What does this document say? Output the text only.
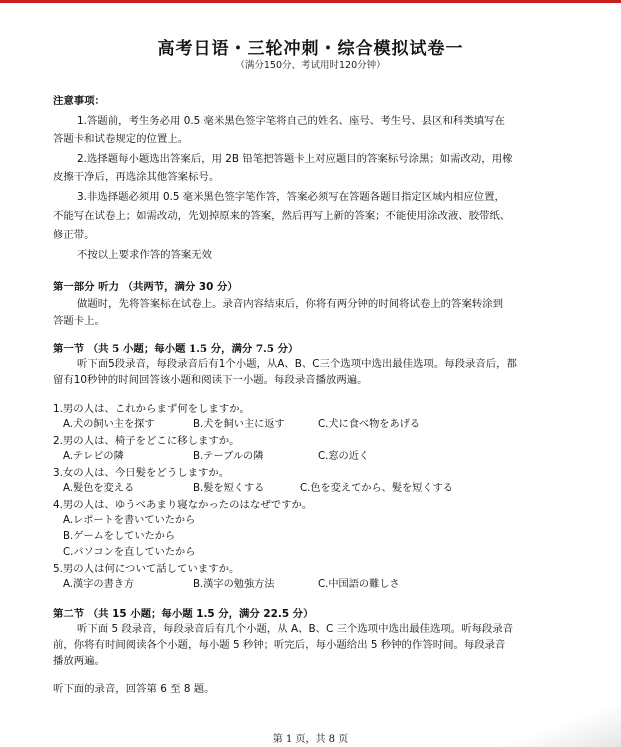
高考日语・三轮冲刺・综合模拟试卷一
（满分150分、考试用时120分钟）
注意事项：
1.答题前，考生务必用 0.5 毫米黑色签字笔将自己的姓名、座号、考生号、县区和科类填写在
答题卡和试卷规定的位置上。
2.选择题每小题选出答案后，用 2B 铅笔把答题卡上对应题目的答案标号涂黑；如需改动，用橡
皮擦干净后，再选涂其他答案标号。
3.非选择题必须用 0.5 毫米黑色签字笔作答，答案必须写在答题各题目指定区域内相应位置，
不能写在试卷上；如需改动，先划掉原来的答案，然后再写上新的答案；不能使用涂改液、胶带纸、
修正带。
不按以上要求作答的答案无效
第一部分 听力 （共两节，满分 30 分）
做题时，先将答案标在试卷上。录音内容结束后，你将有两分钟的时间将试卷上的答案转涂到
答题卡上。
第一节 （共 5 小题；每小题 1.5 分，满分 7.5 分）
听下面5段录音，每段录音后有1个小题，从A、B、C三个选项中选出最佳选项。每段录音后，都
留有10秒钟的时间回答该小题和阅读下一小题。每段录音播放两遍。
1.男の人は、これからまず何をしますか。
A.犬の飼い主を探す	B.犬を飼い主に返す	C.犬に食べ物をあげる
2.男の人は、椅子をどこに移しますか。
A.テレビの隣	B.テーブルの隣	C.窓の近く
3.女の人は、今日髪をどうしますか。
A.髪色を変える	B.髪を短くする	C.色を変えてから、髪を短くする
4.男の人は、ゆうべあまり寝なかったのはなぜですか。
A.レポートを書いていたから
B.ゲームをしていたから
C.パソコンを直していたから
5.男の人は何について話していますか。
A.漢字の書き方	B.漢字の勉強方法	C.中国語の難しさ
第二节 （共 15 小题；每小题 1.5 分，满分 22.5 分）
听下面 5 段录音，每段录音后有几个小题，从 A、B、C 三个选项中选出最佳选项。听每段录音
前，你将有时间阅读各个小题，每小题 5 秒钟；听完后，每小题给出 5 秒钟的作答时间。每段录音
播放两遍。
听下面的录音，回答第 6 至 8 题。
第 1 页，共 8 页
